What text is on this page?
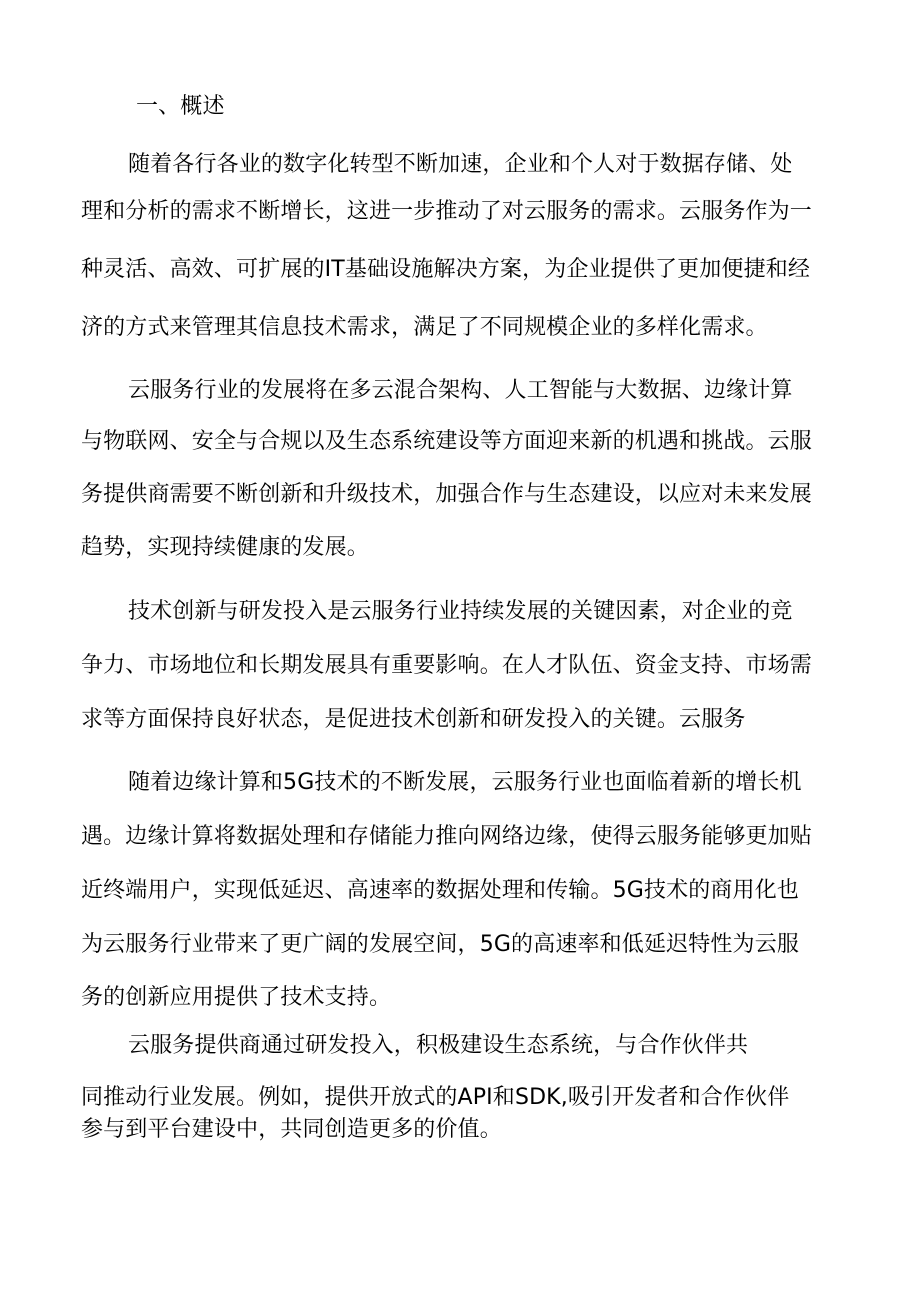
一、概述
随着各行各业的数字化转型不断加速，企业和个人对于数据存储、处
理和分析的需求不断增长，这进一步推动了对云服务的需求。云服务作为一
种灵活、高效、可扩展的IT基础设施解决方案，为企业提供了更加便捷和经
济的方式来管理其信息技术需求，满足了不同规模企业的多样化需求。
云服务行业的发展将在多云混合架构、人工智能与大数据、边缘计算
与物联网、安全与合规以及生态系统建设等方面迎来新的机遇和挑战。云服
务提供商需要不断创新和升级技术，加强合作与生态建设，以应对未来发展
趋势，实现持续健康的发展。
技术创新与研发投入是云服务行业持续发展的关键因素，对企业的竞
争力、市场地位和长期发展具有重要影响。在人才队伍、资金支持、市场需
求等方面保持良好状态，是促进技术创新和研发投入的关键。云服务
随着边缘计算和5G技术的不断发展，云服务行业也面临着新的增长机
遇。边缘计算将数据处理和存储能力推向网络边缘，使得云服务能够更加贴
近终端用户，实现低延迟、高速率的数据处理和传输。5G技术的商用化也
为云服务行业带来了更广阔的发展空间，5G的高速率和低延迟特性为云服
务的创新应用提供了技术支持。
云服务提供商通过研发投入，积极建设生态系统，与合作伙伴共
同推动行业发展。例如，提供开放式的API和SDK,吸引开发者和合作伙伴
参与到平台建设中，共同创造更多的价值。
